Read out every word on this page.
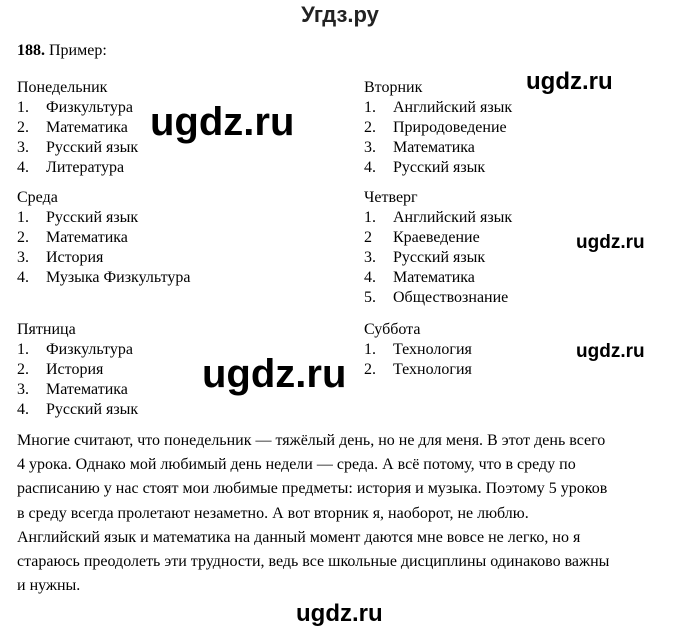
Угдз.ру
188. Пример:
Понедельник
1. Физкультура
2. Математика
3. Русский язык
4. Литература
Вторник
1. Английский язык
2. Природоведение
3. Математика
4. Русский язык
Среда
1. Русский язык
2. Математика
3. История
4. Музыка Физкультура
Четверг
1. Английский язык
2 Краеведение
3. Русский язык
4. Математика
5. Обществознание
Пятница
1. Физкультура
2. История
3. Математика
4. Русский язык
Суббота
1. Технология
2. Технология
Многие считают, что понедельник — тяжёлый день, но не для меня. В этот день всего
4 урока. Однако мой любимый день недели — среда. А всё потому, что в среду по
расписанию у нас стоят мои любимые предметы: история и музыка. Поэтому 5 уроков
в среду всегда пролетают незаметно. А вот вторник я, наоборот, не люблю.
Английский язык и математика на данный момент даются мне вовсе не легко, но я
стараюсь преодолеть эти трудности, ведь все школьные дисциплины одинаково важны
и нужны.
ugdz.ru
ugdz.ru
ugdz.ru
ugdz.ru
ugdz.ru
ugdz.ru
